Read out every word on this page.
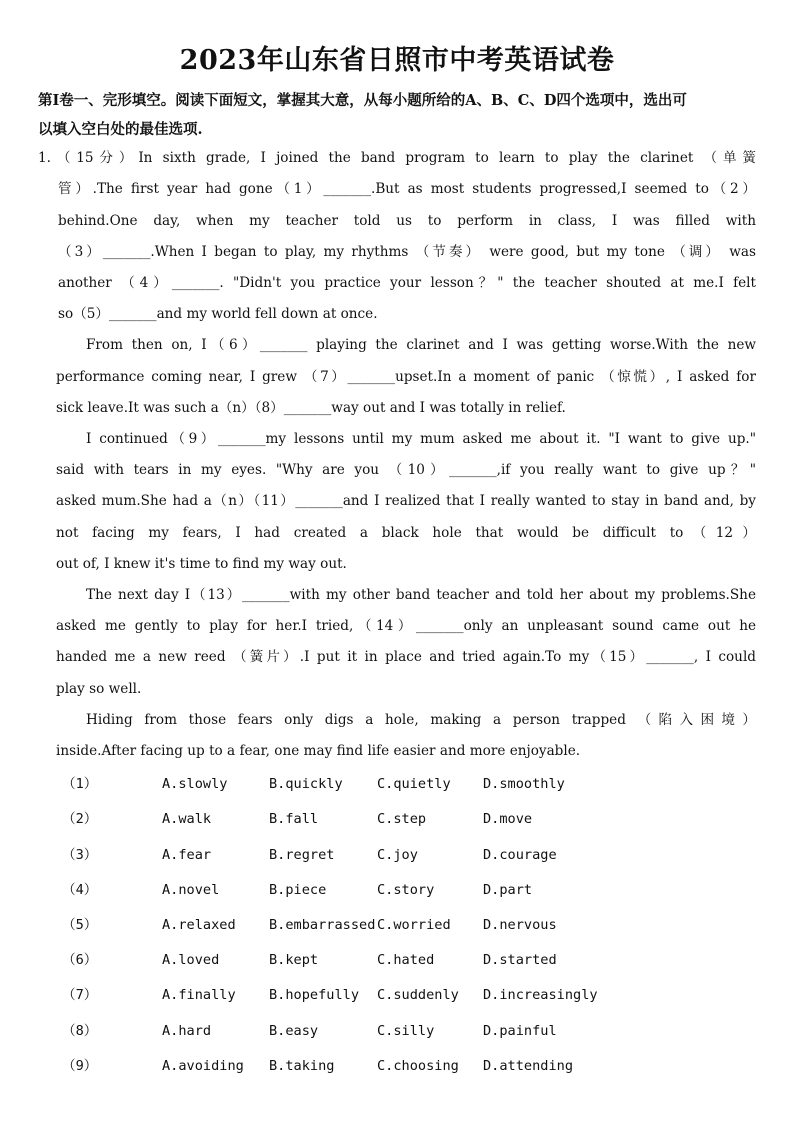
2023年山东省日照市中考英语试卷
第Ⅰ卷一、完形填空。阅读下面短文，掌握其大意，从每小题所给的A、B、C、D四个选项中，选出可
以填入空白处的最佳选项.
1.（15分）In sixth grade, I joined the band program to learn to play the clarinet （单簧
管）.The first year had gone（1）_______.But as most students progressed,I seemed to（2）
behind.One day, when my teacher told us to perform in class, I was filled with
（3）_______.When I began to play, my rhythms （节奏） were good, but my tone （调） was
another （4）_______. "Didn't you practice your lesson？" the teacher shouted at me.I felt
so（5）_______and my world fell down at once.
From then on, I（6）_______ playing the clarinet and I was getting worse.With the new
performance coming near, I grew （7）_______upset.In a moment of panic （惊慌）, I asked for
sick leave.It was such a（n）（8）_______way out and I was totally in relief.
I continued（9）_______my lessons until my mum asked me about it. "I want to give up."
said with tears in my eyes. "Why are you （10）_______,if you really want to give up？"
asked mum.She had a（n）（11）_______and I realized that I really wanted to stay in band and, by
not facing my fears, I had created a black hole that would be difficult to（12）
out of, I knew it's time to find my way out.
The next day I（13）_______with my other band teacher and told her about my problems.She
asked me gently to play for her.I tried,（14）_______only an unpleasant sound came out he
handed me a new reed （簧片）.I put it in place and tried again.To my（15）_______, I could
play so well.
Hiding from those fears only digs a hole, making a person trapped （陷入困境）
inside.After facing up to a fear, one may find life easier and more enjoyable.
（1）	A.slowly	B.quickly	C.quietly D.smoothly
（2）	A.walk	B.fall	C.step	D.move
（3）	A.fear	B.regret	C.joy	D.courage
（4）	A.novel	B.piece	C.story	D.part
（5）	A.relaxed B.embarrassed C.worried D.nervous
（6）	A.loved	B.kept	C.hated	D.started
（7）	A.finally B.hopefully C.suddenly D.increasingly
（8）	A.hard	B.easy	C.silly	D.painful
（9）	A.avoiding B.taking	C.choosing D.attending
